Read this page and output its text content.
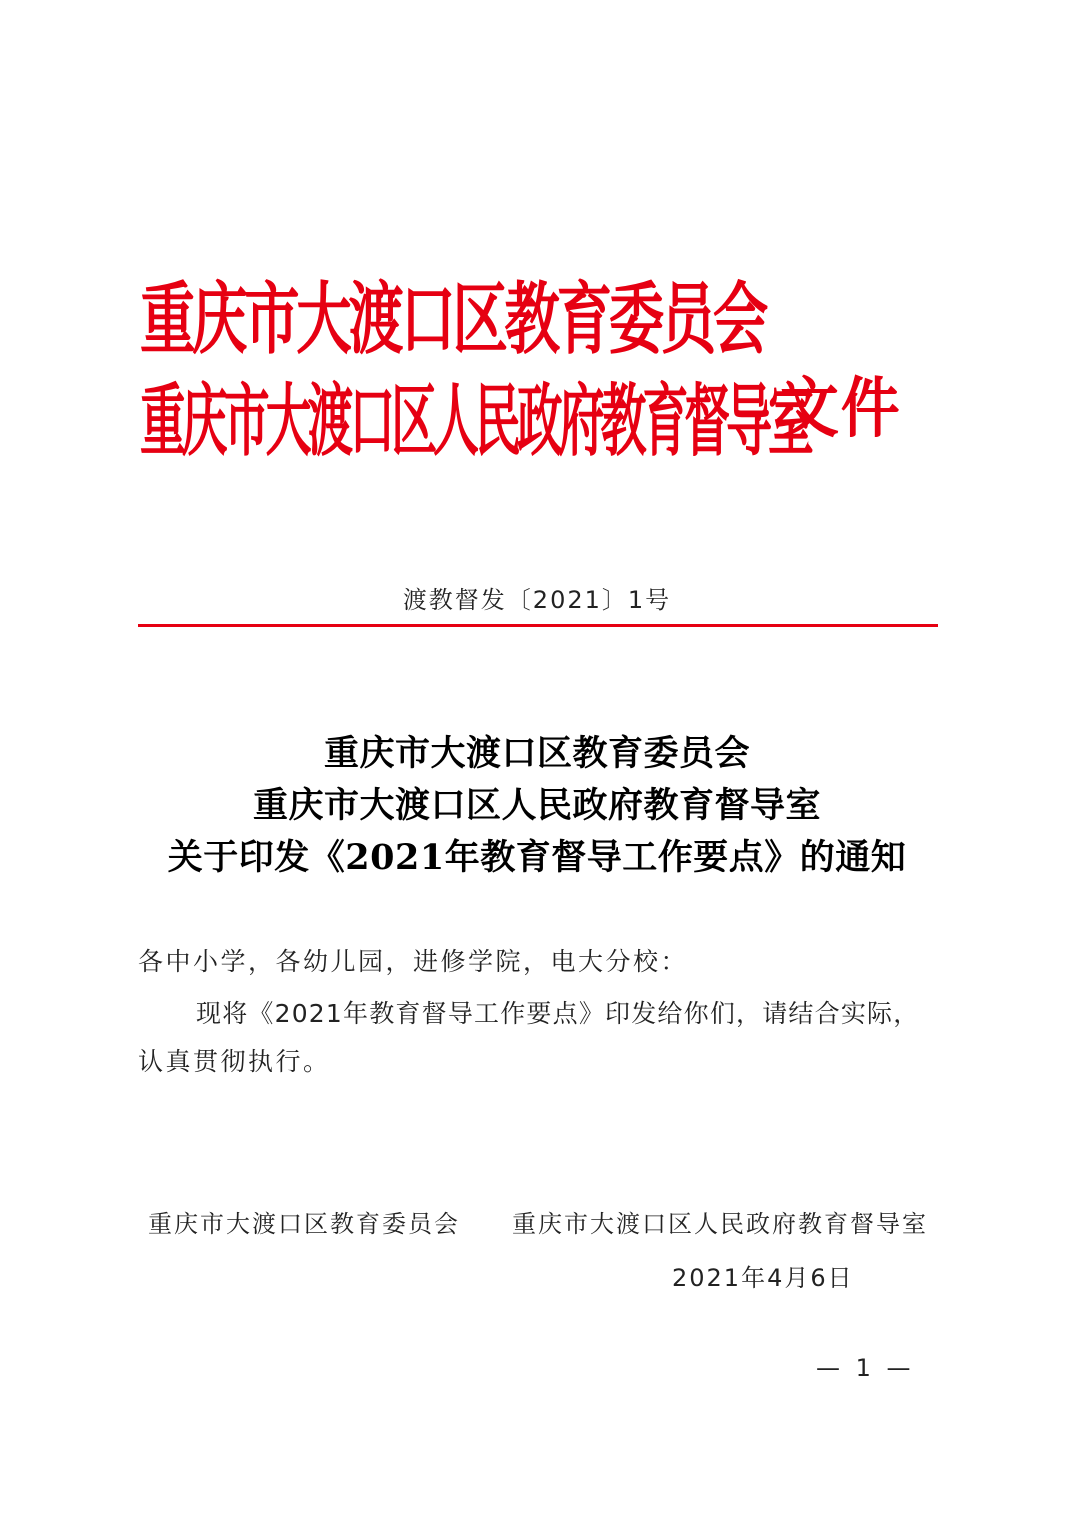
重庆市大渡口区教育委员会
重庆市大渡口区人民政府教育督导室
文件
渡教督发〔2021〕1号
重庆市大渡口区教育委员会
重庆市大渡口区人民政府教育督导室
关于印发《2021年教育督导工作要点》的通知
各中小学，各幼儿园，进修学院，电大分校：
现将《2021年教育督导工作要点》印发给你们，请结合实际，
认真贯彻执行。
重庆市大渡口区教育委员会 重庆市大渡口区人民政府教育督导室
2021年4月6日
— 1 —
